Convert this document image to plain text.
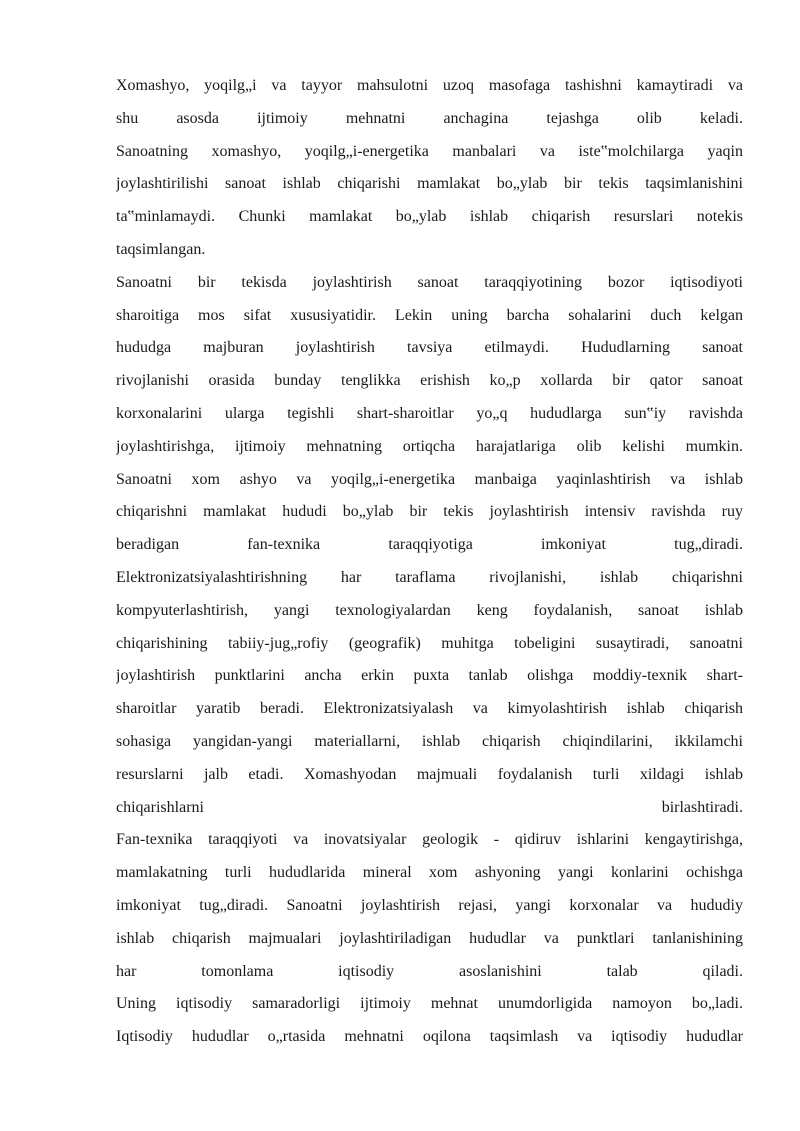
Xomashyo, yoqilg„i va tayyor mahsulotni uzoq masofaga tashishni kamaytiradi va
shu asosda ijtimoiy mehnatni anchagina tejashga olib keladi.
Sanoatning xomashyo, yoqilg„i-energetika manbalari va iste‟molchilarga yaqin
joylashtirilishi sanoat ishlab chiqarishi mamlakat bo„ylab bir tekis taqsimlanishini
ta‟minlamaydi. Chunki mamlakat bo„ylab ishlab chiqarish resurslari notekis
taqsimlangan.
Sanoatni bir tekisda joylashtirish sanoat taraqqiyotining bozor iqtisodiyoti
sharoitiga mos sifat xususiyatidir. Lekin uning barcha sohalarini duch kelgan
hududga majburan joylashtirish tavsiya etilmaydi. Hududlarning sanoat
rivojlanishi orasida bunday tenglikka erishish ko„p xollarda bir qator sanoat
korxonalarini ularga tegishli shart-sharoitlar yo„q hududlarga sun‟iy ravishda
joylashtirishga, ijtimoiy mehnatning ortiqcha harajatlariga olib kelishi mumkin.
Sanoatni xom ashyo va yoqilg„i-energetika manbaiga yaqinlashtirish va ishlab
chiqarishni mamlakat hududi bo„ylab bir tekis joylashtirish intensiv ravishda ruy
beradigan fan-texnika taraqqiyotiga imkoniyat tug„diradi.
Elektronizatsiyalashtirishning har taraflama rivojlanishi, ishlab chiqarishni
kompyuterlashtirish, yangi texnologiyalardan keng foydalanish, sanoat ishlab
chiqarishining tabiiy-jug„rofiy (geografik) muhitga tobeligini susaytiradi, sanoatni
joylashtirish punktlarini ancha erkin puxta tanlab olishga moddiy-texnik shart-
sharoitlar yaratib beradi. Elektronizatsiyalash va kimyolashtirish ishlab chiqarish
sohasiga yangidan-yangi materiallarni, ishlab chiqarish chiqindilarini, ikkilamchi
resurslarni jalb etadi. Xomashyodan majmuali foydalanish turli xildagi ishlab
chiqarishlarni birlashtiradi.
Fan-texnika taraqqiyoti va inovatsiyalar geologik - qidiruv ishlarini kengaytirishga,
mamlakatning turli hududlarida mineral xom ashyoning yangi konlarini ochishga
imkoniyat tug„diradi. Sanoatni joylashtirish rejasi, yangi korxonalar va hududiy
ishlab chiqarish majmualari joylashtiriladigan hududlar va punktlari tanlanishining
har tomonlama iqtisodiy asoslanishini talab qiladi.
Uning iqtisodiy samaradorligi ijtimoiy mehnat unumdorligida namoyon bo„ladi.
Iqtisodiy hududlar o„rtasida mehnatni oqilona taqsimlash va iqtisodiy hududlar
